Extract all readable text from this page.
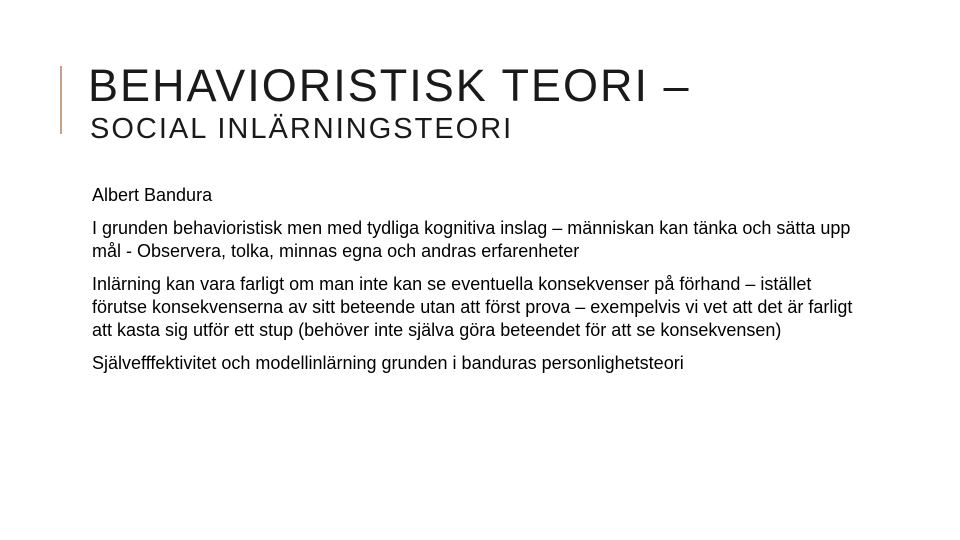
BEHAVIORISTISK TEORI –
SOCIAL INLÄRNINGSTEORI

Albert Bandura

I grunden behavioristisk men med tydliga kognitiva inslag – människan kan tänka och sätta upp mål - Observera, tolka, minnas egna och andras erfarenheter

Inlärning kan vara farligt om man inte kan se eventuella konsekvenser på förhand – istället förutse konsekvenserna av sitt beteende utan att först prova – exempelvis vi vet att det är farligt att kasta sig utför ett stup (behöver inte själva göra beteendet för att se konsekvensen)

Självefffektivitet och modellinlärning grunden i banduras personlighetsteori
